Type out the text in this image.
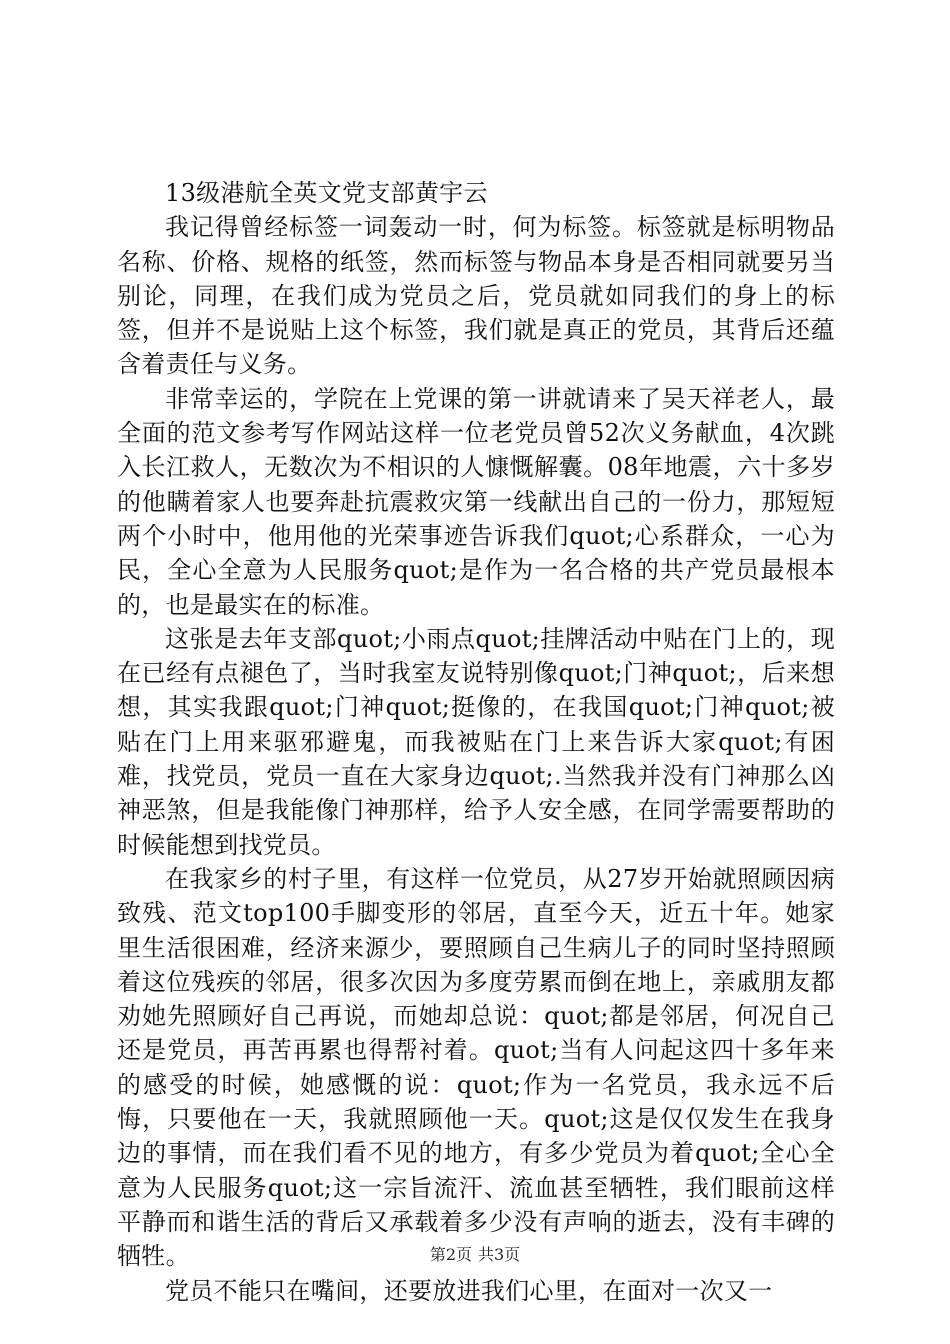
13级港航全英文党支部黄宇云

我记得曾经标签一词轰动一时，何为标签。标签就是标明物品名称、价格、规格的纸签，然而标签与物品本身是否相同就要另当别论，同理，在我们成为党员之后，党员就如同我们的身上的标签，但并不是说贴上这个标签，我们就是真正的党员，其背后还蕴含着责任与义务。

非常幸运的，学院在上党课的第一讲就请来了吴天祥老人，最全面的范文参考写作网站这样一位老党员曾52次义务献血，4次跳入长江救人，无数次为不相识的人慷慨解囊。08年地震，六十多岁的他瞒着家人也要奔赴抗震救灾第一线献出自己的一份力，那短短两个小时中，他用他的光荣事迹告诉我们quot;心系群众，一心为民，全心全意为人民服务quot;是作为一名合格的共产党员最根本的，也是最实在的标准。

这张是去年支部quot;小雨点quot;挂牌活动中贴在门上的，现在已经有点褪色了，当时我室友说特别像quot;门神quot;，后来想想，其实我跟quot;门神quot;挺像的，在我国quot;门神quot;被贴在门上用来驱邪避鬼，而我被贴在门上来告诉大家quot;有困难，找党员，党员一直在大家身边quot;.当然我并没有门神那么凶神恶煞，但是我能像门神那样，给予人安全感，在同学需要帮助的时候能想到找党员。

在我家乡的村子里，有这样一位党员，从27岁开始就照顾因病致残、范文top100手脚变形的邻居，直至今天，近五十年。她家里生活很困难，经济来源少，要照顾自己生病儿子的同时坚持照顾着这位残疾的邻居，很多次因为多度劳累而倒在地上，亲戚朋友都劝她先照顾好自己再说，而她却总说：quot;都是邻居，何况自己还是党员，再苦再累也得帮衬着。quot;当有人问起这四十多年来的感受的时候，她感慨的说：quot;作为一名党员，我永远不后悔，只要他在一天，我就照顾他一天。quot;这是仅仅发生在我身边的事情，而在我们看不见的地方，有多少党员为着quot;全心全意为人民服务quot;这一宗旨流汗、流血甚至牺牲，我们眼前这样平静而和谐生活的背后又承载着多少没有声响的逝去，没有丰碑的牺牲。

党员不能只在嘴间，还要放进我们心里，在面对一次又一

第2页 共3页
